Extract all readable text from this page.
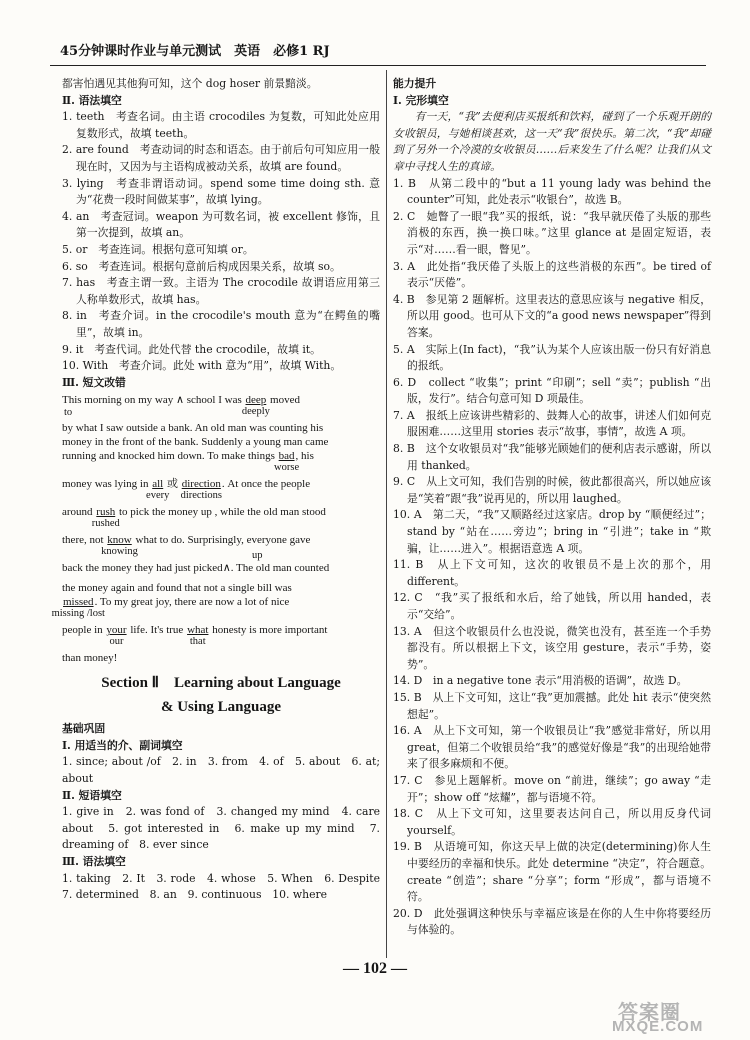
45分钟课时作业与单元测试　英语　必修1 RJ

都害怕遇见其他狗可知，这个 dog hoser 前景黯淡。

Ⅱ. 语法填空

1. teeth　考查名词。由主语 crocodiles 为复数，可知此处应用复数形式，故填 teeth。

2. are found　考查动词的时态和语态。由于前后句可知应用一般现在时，又因为与主语构成被动关系，故填 are found。

3. lying　考查非谓语动词。spend some time doing sth. 意为“花费一段时间做某事”，故填 lying。

4. an　考查冠词。weapon 为可数名词，被 excellent 修饰，且第一次提到，故填 an。

5. or　考查连词。根据句意可知填 or。

6. so　考查连词。根据句意前后构成因果关系，故填 so。

7. has　考查主谓一致。主语为 The crocodile 故谓语应用第三人称单数形式，故填 has。

8. in　考查介词。in the crocodile's mouth 意为“在鳄鱼的嘴里”，故填 in。

9. it　考查代词。此处代替 the crocodile，故填 it。

10. With　考查介词。此处 with 意为“用”，故填 With。

Ⅲ. 短文改错

This morning on my way ∧ school I was deep
deeply
moved
to

by what I saw outside a bank. An old man was counting his

money in the front of the bank. Suddenly a young man came

running and knocked him down. To make things bad
worse
, his

money was lying in all
every
或 direction
directions
. At once the people

around rush
rushed
to pick the money up , while the old man stood

there, not know
knowing
what to do. Surprisingly, everyone gave

back the money they had just picked∧. The old man counted
up

the money again and found that not a single bill was

missed
missing /lost
. To my great joy, there are now a lot of nice

people in your
our
life. It's true what
that
honesty is more important

than money!

Section Ⅱ　Learning about Language
& Using Language

基础巩固

Ⅰ. 用适当的介、副词填空

1. since; about /of　2. in　3. from　4. of　5. about　6. at; about

Ⅱ. 短语填空

1. give in　2. was fond of　3. changed my mind　4. care about　5. got interested in　6. make up my mind　7. dreaming of　8. ever since

Ⅲ. 语法填空

1. taking　2. It　3. rode　4. whose　5. When　6. Despite　7. determined　8. an　9. continuous　10. where

能力提升

Ⅰ. 完形填空

有一天，“我”去便利店买报纸和饮料，碰到了一个乐观开朗的女收银员，与她相谈甚欢，这一天“我”很快乐。第二次，“我”却碰到了另外一个冷漠的女收银员……后来发生了什么呢？让我们从文章中寻找人生的真谛。

1. B　从第二段中的“but a 11 young lady was behind the counter”可知，此处表示“收银台”，故选 B。

2. C　她瞥了一眼“我”买的报纸，说：“我早就厌倦了头版的那些消极的东西，换一换口味。”这里 glance at 是固定短语，表示“对……看一眼，瞥见”。

3. A　此处指“我厌倦了头版上的这些消极的东西”。be tired of 表示“厌倦”。

4. B　参见第 2 题解析。这里表达的意思应该与 negative 相反，所以用 good。也可从下文的“a good news newspaper”得到答案。

5. A　实际上(In fact)，“我”认为某个人应该出版一份只有好消息的报纸。

6. D　collect “收集”；print “印刷”；sell “卖”；publish “出版，发行”。结合句意可知 D 项最佳。

7. A　报纸上应该讲些精彩的、鼓舞人心的故事，讲述人们如何克服困难……这里用 stories 表示“故事，事情”，故选 A 项。

8. B　这个女收银员对“我”能够光顾她们的便利店表示感谢，所以用 thanked。

9. C　从上文可知，我们告别的时候，彼此都很高兴，所以她应该是“笑着”跟“我”说再见的，所以用 laughed。

10. A　第二天，“我”又顺路经过这家店。drop by “顺便经过”；stand by “站在……旁边”；bring in “引进”；take in “欺骗，让……进入”。根据语意选 A 项。

11. B　从上下文可知，这次的收银员不是上次的那个，用 different。

12. C　“我”买了报纸和水后，给了她钱，所以用 handed，表示“交给”。

13. A　但这个收银员什么也没说，微笑也没有，甚至连一个手势都没有。所以根据上下文，该空用 gesture，表示“手势，姿势”。

14. D　in a negative tone 表示“用消极的语调”，故选 D。

15. B　从上下文可知，这让“我”更加震撼。此处 hit 表示“使突然想起”。

16. A　从上下文可知，第一个收银员让“我”感觉非常好，所以用 great，但第二个收银员给“我”的感觉好像是“我”的出现给她带来了很多麻烦和不便。

17. C　参见上题解析。move on “前进，继续”；go away “走开”；show off “炫耀”，都与语境不符。

18. C　从上下文可知，这里要表达问自己，所以用反身代词 yourself。

19. B　从语境可知，你这天早上做的决定(determining)你人生中要经历的幸福和快乐。此处 determine “决定”，符合题意。create “创造”；share “分享”；form “形成”，都与语境不符。

20. D　此处强调这种快乐与幸福应该是在你的人生中你将要经历与体验的。

— 102 —
答案圈
MXQE.COM
